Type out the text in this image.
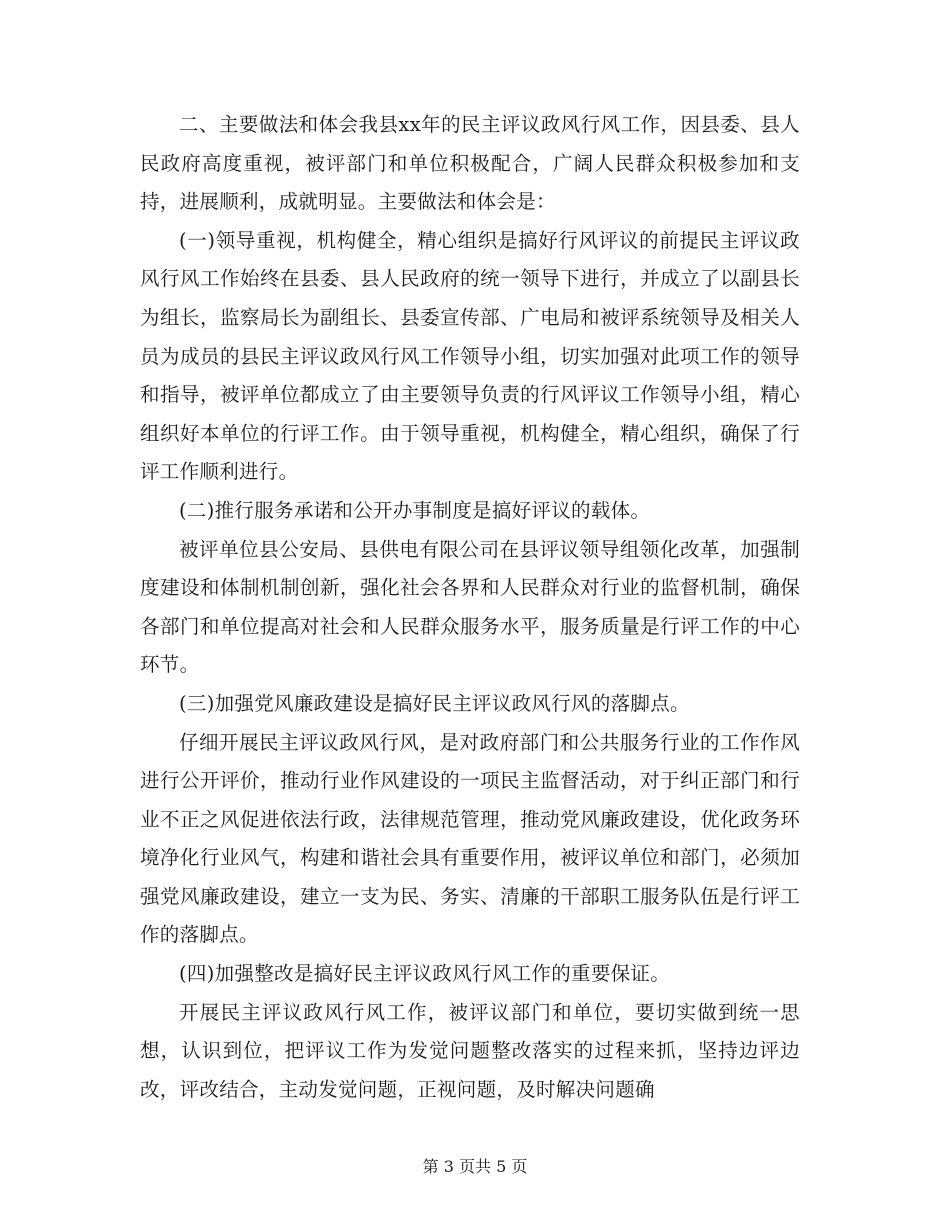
二、主要做法和体会我县xx年的民主评议政风行风工作，因县委、县人民政府高度重视，被评部门和单位积极配合，广阔人民群众积极参加和支持，进展顺利，成就明显。主要做法和体会是：

(一)领导重视，机构健全，精心组织是搞好行风评议的前提民主评议政风行风工作始终在县委、县人民政府的统一领导下进行，并成立了以副县长为组长，监察局长为副组长、县委宣传部、广电局和被评系统领导及相关人员为成员的县民主评议政风行风工作领导小组，切实加强对此项工作的领导和指导，被评单位都成立了由主要领导负责的行风评议工作领导小组，精心组织好本单位的行评工作。由于领导重视，机构健全，精心组织，确保了行评工作顺利进行。

(二)推行服务承诺和公开办事制度是搞好评议的载体。

被评单位县公安局、县供电有限公司在县评议领导组领化改革，加强制度建设和体制机制创新，强化社会各界和人民群众对行业的监督机制，确保各部门和单位提高对社会和人民群众服务水平，服务质量是行评工作的中心环节。

(三)加强党风廉政建设是搞好民主评议政风行风的落脚点。

仔细开展民主评议政风行风，是对政府部门和公共服务行业的工作作风进行公开评价，推动行业作风建设的一项民主监督活动，对于纠正部门和行业不正之风促进依法行政，法律规范管理，推动党风廉政建设，优化政务环境净化行业风气，构建和谐社会具有重要作用，被评议单位和部门，必须加强党风廉政建设，建立一支为民、务实、清廉的干部职工服务队伍是行评工作的落脚点。

(四)加强整改是搞好民主评议政风行风工作的重要保证。

开展民主评议政风行风工作，被评议部门和单位，要切实做到统一思想，认识到位，把评议工作为发觉问题整改落实的过程来抓，坚持边评边改，评改结合，主动发觉问题，正视问题，及时解决问题确

第 3 页共 5 页
